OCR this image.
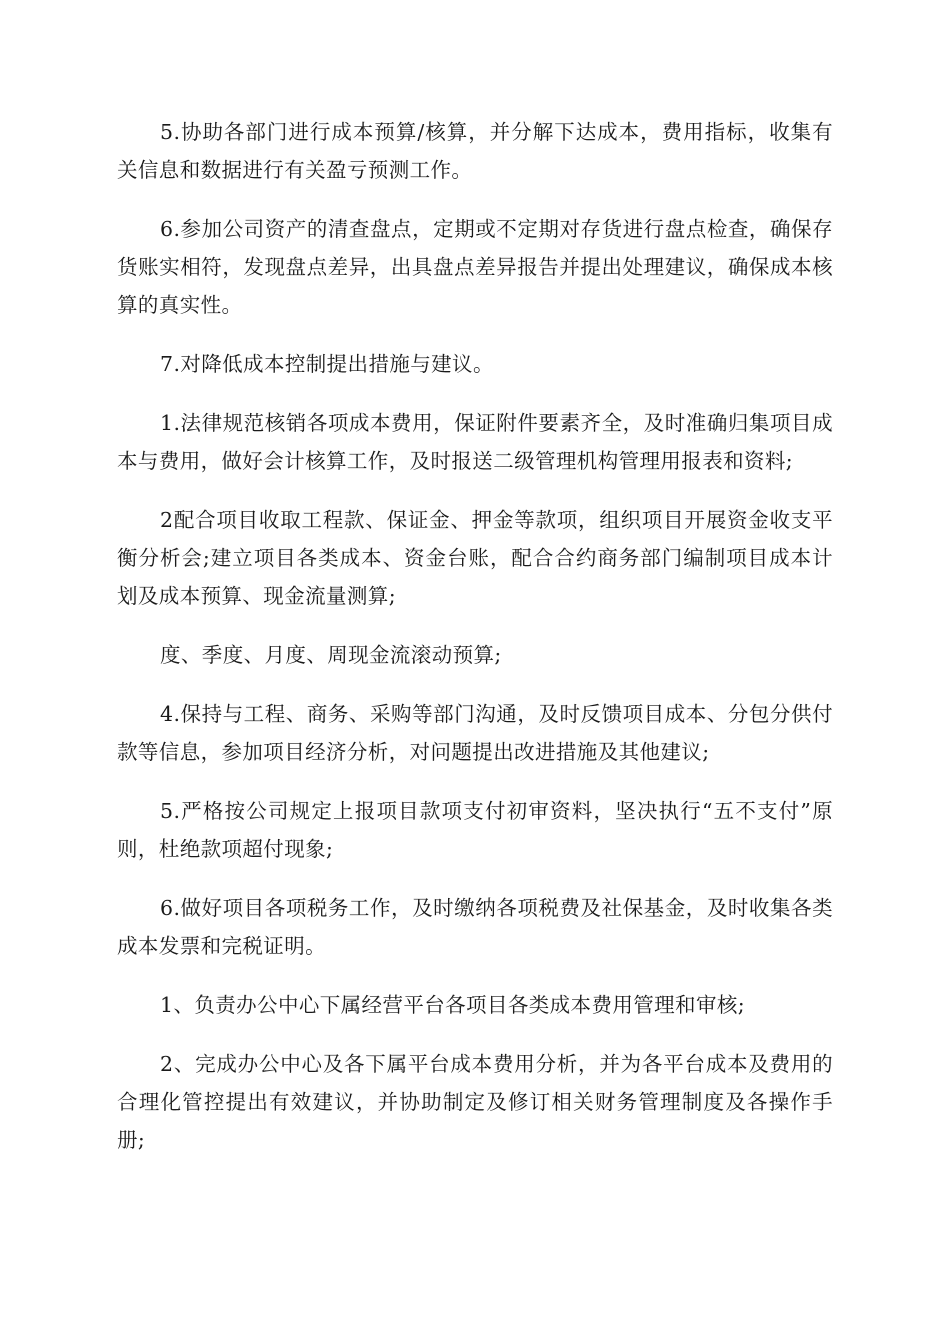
5.协助各部门进行成本预算/核算，并分解下达成本，费用指标，收集有关信息和数据进行有关盈亏预测工作。

6.参加公司资产的清查盘点，定期或不定期对存货进行盘点检查，确保存货账实相符，发现盘点差异，出具盘点差异报告并提出处理建议，确保成本核算的真实性。

7.对降低成本控制提出措施与建议。

1.法律规范核销各项成本费用，保证附件要素齐全，及时准确归集项目成本与费用，做好会计核算工作，及时报送二级管理机构管理用报表和资料;

2配合项目收取工程款、保证金、押金等款项，组织项目开展资金收支平衡分析会;建立项目各类成本、资金台账，配合合约商务部门编制项目成本计划及成本预算、现金流量测算;

度、季度、月度、周现金流滚动预算;

4.保持与工程、商务、采购等部门沟通，及时反馈项目成本、分包分供付款等信息，参加项目经济分析，对问题提出改进措施及其他建议;

5.严格按公司规定上报项目款项支付初审资料，坚决执行“五不支付”原则，杜绝款项超付现象;

6.做好项目各项税务工作，及时缴纳各项税费及社保基金，及时收集各类成本发票和完税证明。

1、负责办公中心下属经营平台各项目各类成本费用管理和审核;

2、完成办公中心及各下属平台成本费用分析，并为各平台成本及费用的合理化管控提出有效建议，并协助制定及修订相关财务管理制度及各操作手册;
